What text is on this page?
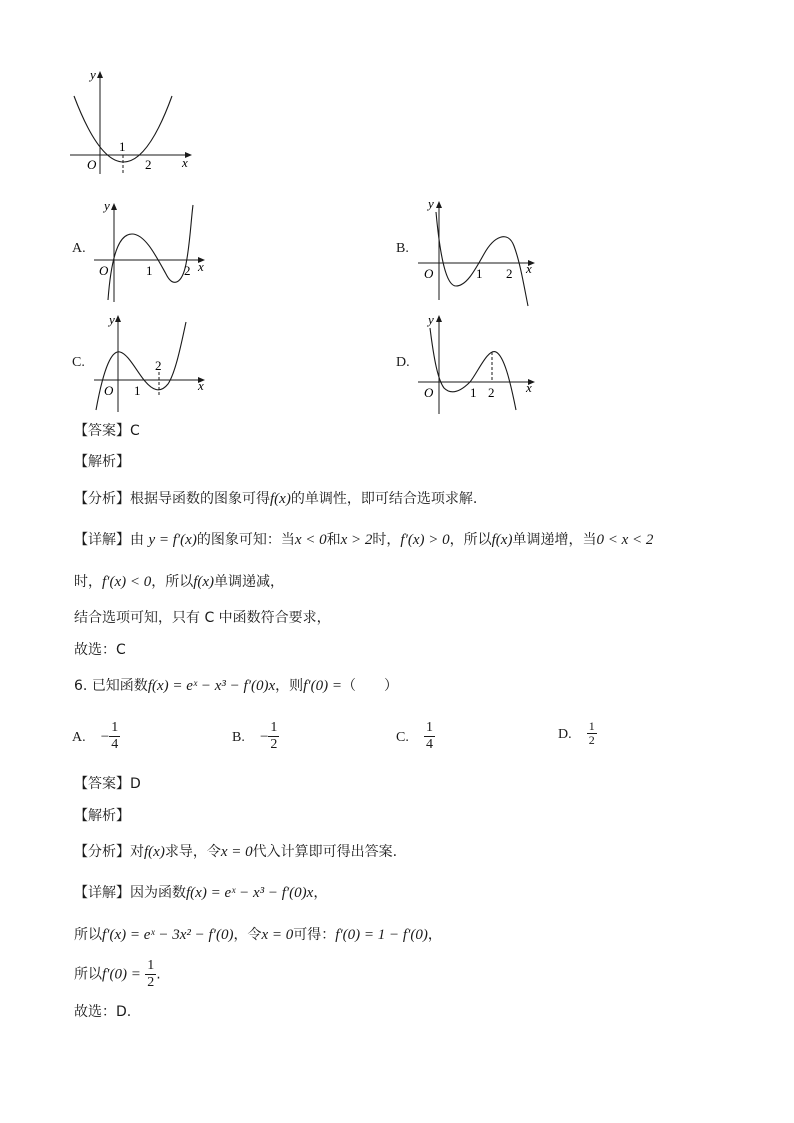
y
x
O
1
2
A.
y
x
O	1 2
B.
y
x
O	1 2
C.
y
x
O 1
2	D.
y
x
O	1 2
【答案】C
【解析】
【分析】根据导函数的图象可得f(x)的单调性，即可结合选项求解.
【详解】由 y = f′(x)的图象可知：当x < 0和x > 2时，f′(x) > 0，所以f(x)单调递增，当0 < x < 2
时，f′(x) < 0，所以f(x)单调递减，
结合选项可知，只有 C 中函数符合要求，
故选：C
6. 已知函数f(x) = eˣ − x³ − f′(0)x，则f′(0) =（　　）
A. − $\frac{1}{4}$	B. − $\frac{1}{2}$	C. $\frac{1}{4}$	D. $\frac{1}{2}$
【答案】D
【解析】
【分析】对f(x)求导，令x = 0代入计算即可得出答案.
【详解】因为函数f(x) = eˣ − x³ − f′(0)x，
所以f′(x) = eˣ − 3x² − f′(0)，令x = 0可得：f′(0) = 1 − f′(0)，
所以$f'(0) = \frac{1}{2}$ .
故选：D.
